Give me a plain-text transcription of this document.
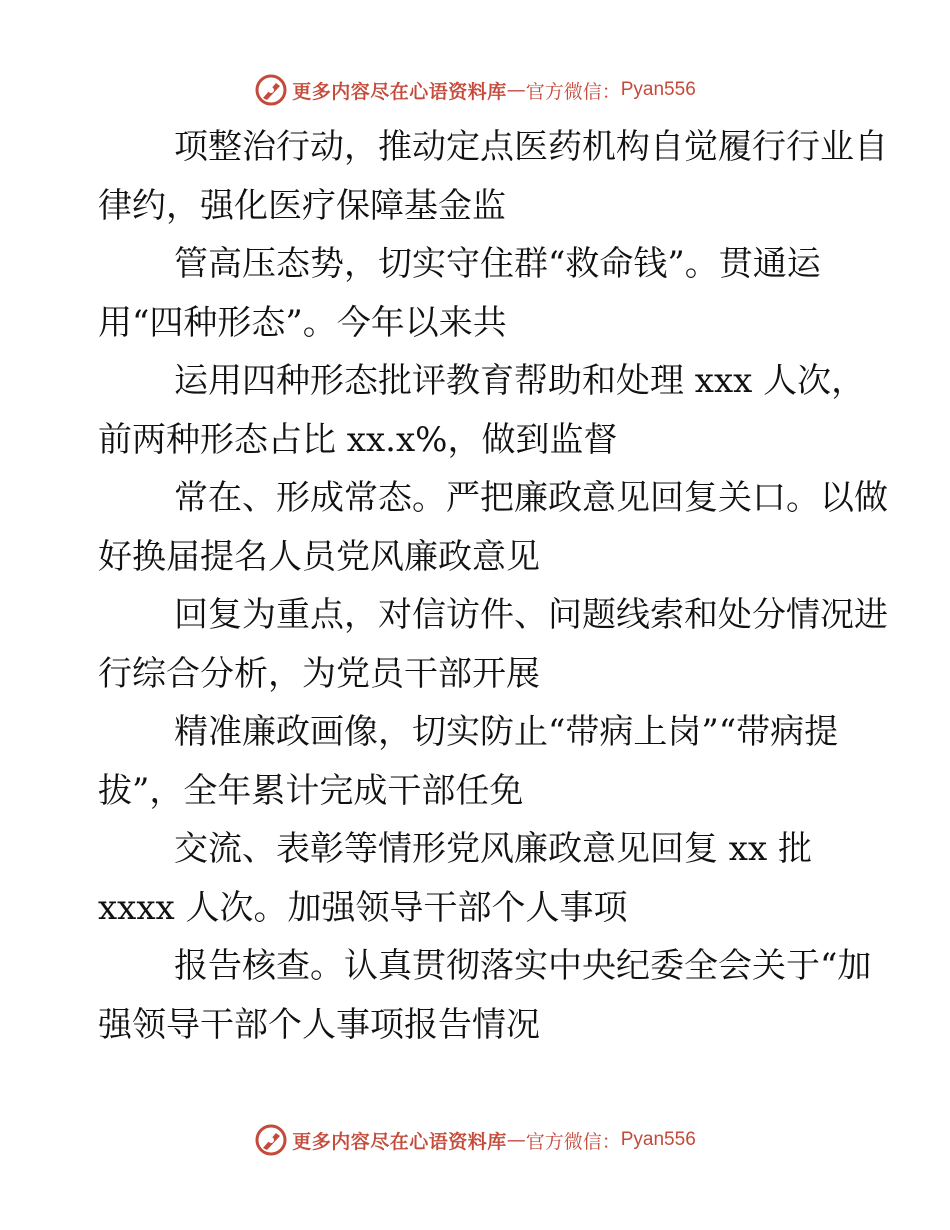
更多内容尽在心语资料库 — 官方微信： Pyan556
项整治行动，推动定点医药机构自觉履行行业自
律约，强化医疗保障基金监
管高压态势，切实守住群“救命钱”。贯通运
用“四种形态”。今年以来共
运用四种形态批评教育帮助和处理 xxx 人次，
前两种形态占比 xx.x%，做到监督
常在、形成常态。严把廉政意见回复关口。以做
好换届提名人员党风廉政意见
回复为重点，对信访件、问题线索和处分情况进
行综合分析，为党员干部开展
精准廉政画像，切实防止“带病上岗”“带病提
拔”，全年累计完成干部任免
交流、表彰等情形党风廉政意见回复 xx 批
xxxx 人次。加强领导干部个人事项
报告核查。认真贯彻落实中央纪委全会关于“加
强领导干部个人事项报告情况
更多内容尽在心语资料库 — 官方微信： Pyan556
